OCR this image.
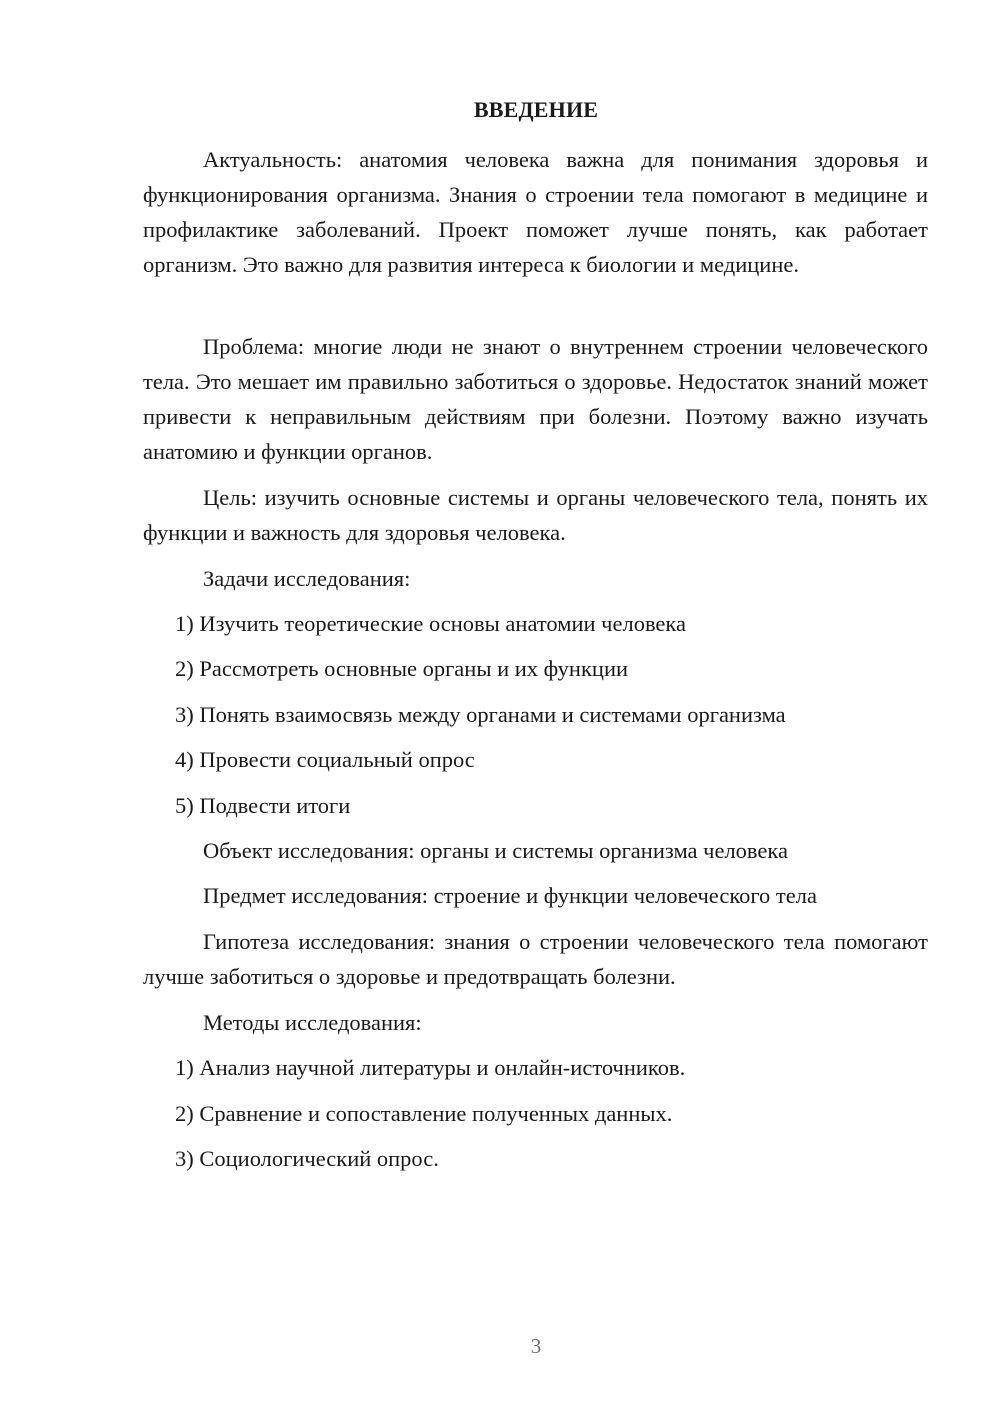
ВВЕДЕНИЕ

Актуальность: анатомия человека важна для понимания здоровья и функционирования организма. Знания о строении тела помогают в медицине и профилактике заболеваний. Проект поможет лучше понять, как работает организм. Это важно для развития интереса к биологии и медицине.

Проблема: многие люди не знают о внутреннем строении человеческого тела. Это мешает им правильно заботиться о здоровье. Недостаток знаний может привести к неправильным действиям при болезни. Поэтому важно изучать анатомию и функции органов.

Цель: изучить основные системы и органы человеческого тела, понять их функции и важность для здоровья человека.

Задачи исследования:
1) Изучить теоретические основы анатомии человека
2) Рассмотреть основные органы и их функции
3) Понять взаимосвязь между органами и системами организма
4) Провести социальный опрос
5) Подвести итоги
Объект исследования: органы и системы организма человека
Предмет исследования: строение и функции человеческого тела

Гипотеза исследования: знания о строении человеческого тела помогают лучше заботиться о здоровье и предотвращать болезни.

Методы исследования:
1) Анализ научной литературы и онлайн-источников.
2) Сравнение и сопоставление полученных данных.
3) Социологический опрос.
3
